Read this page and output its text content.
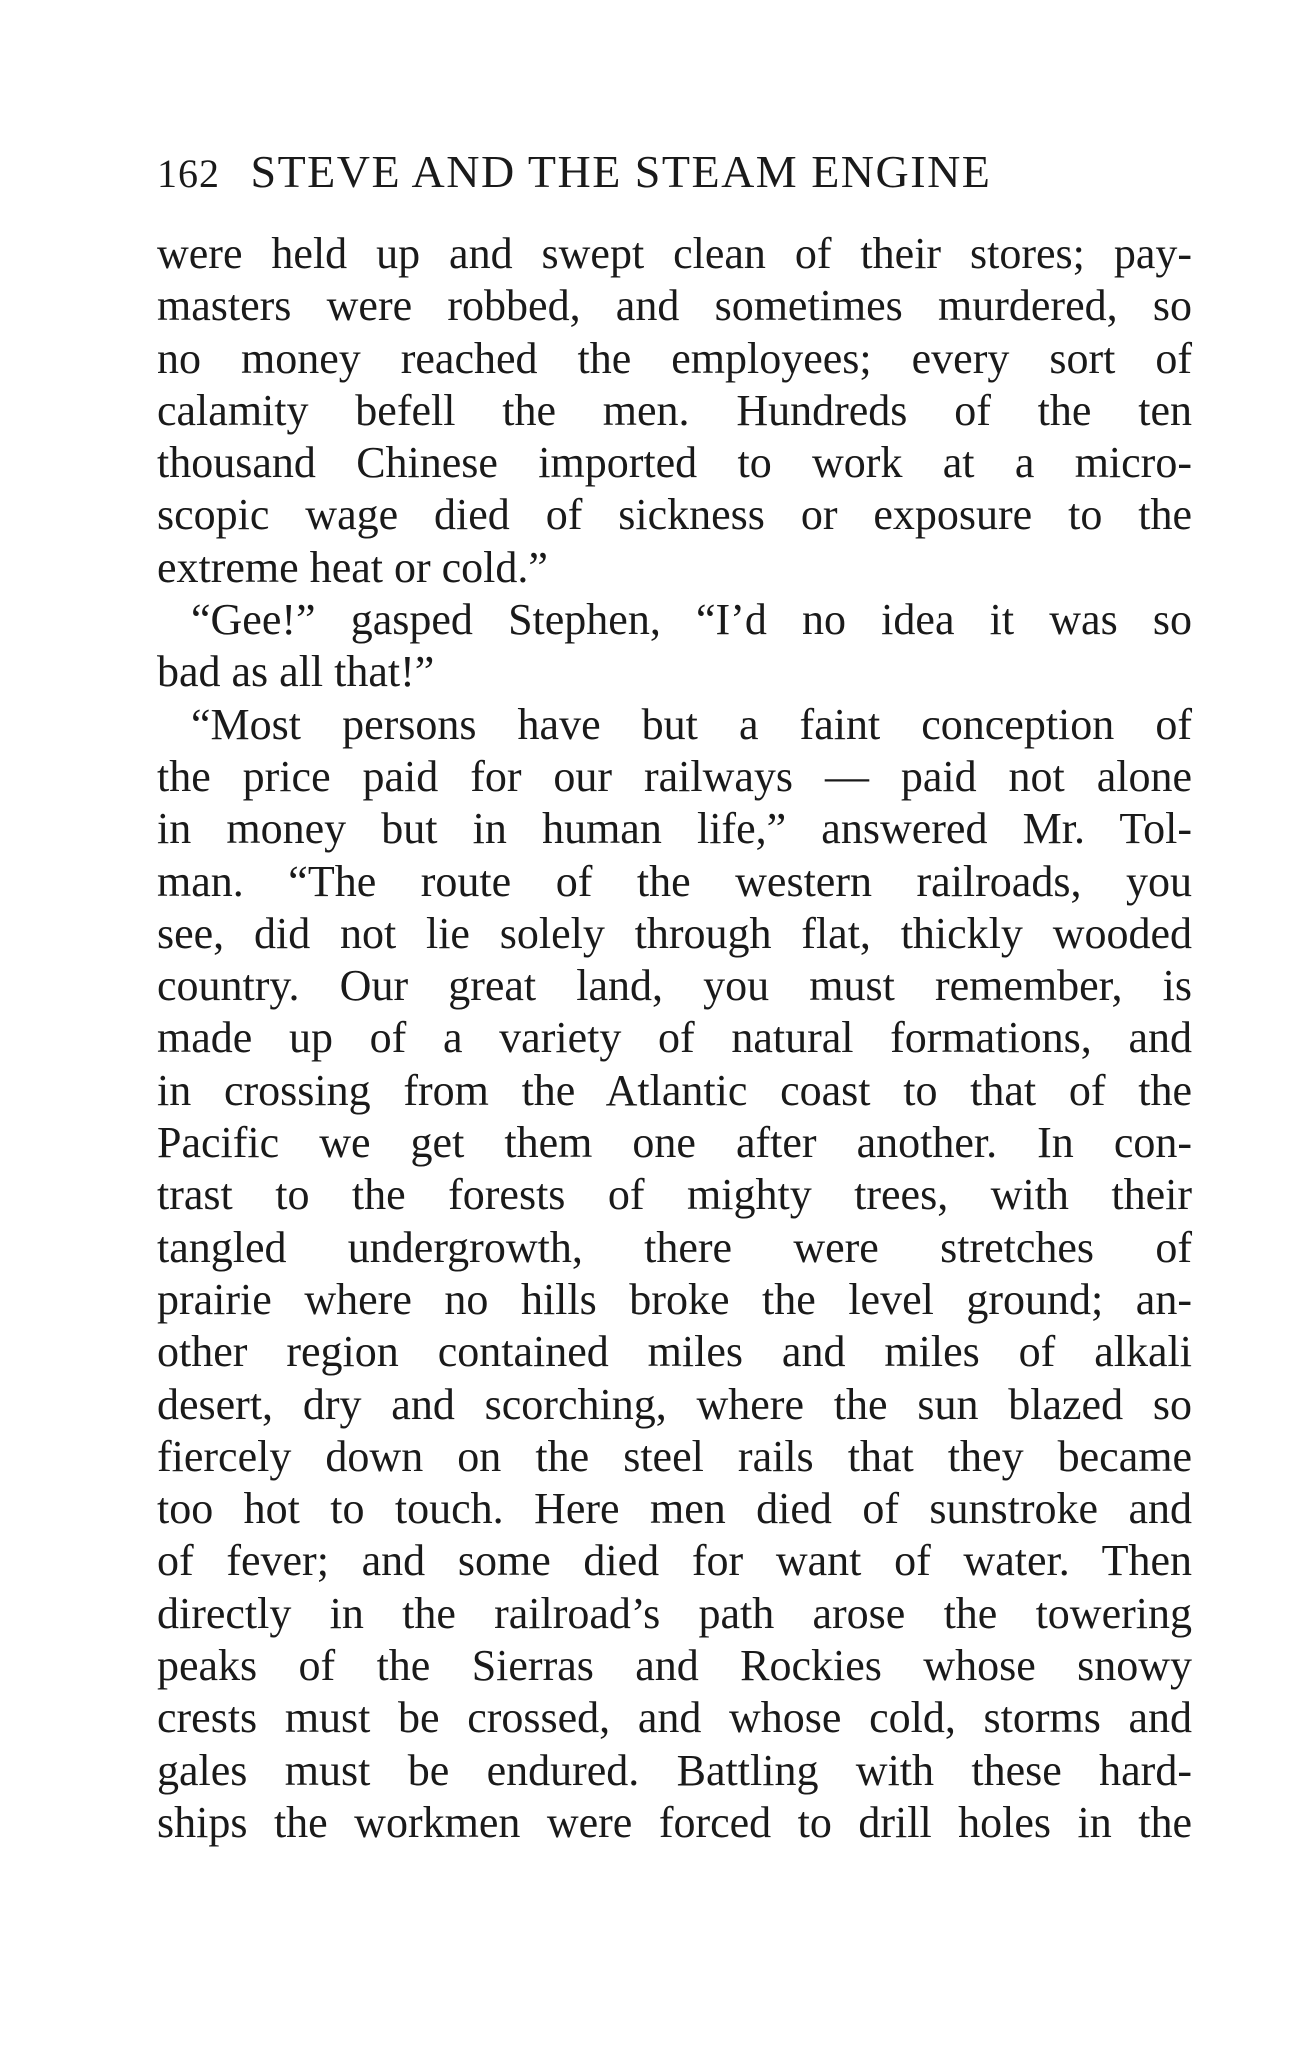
162 STEVE AND THE STEAM ENGINE
were held up and swept clean of their stores; pay-
masters were robbed, and sometimes murdered, so
no money reached the employees; every sort of
calamity befell the men. Hundreds of the ten
thousand Chinese imported to work at a micro-
scopic wage died of sickness or exposure to the
extreme heat or cold.”
“Gee!” gasped Stephen, “I’d no idea it was so
bad as all that!”
“Most persons have but a faint conception of
the price paid for our railways — paid not alone
in money but in human life,” answered Mr. Tol-
man. “The route of the western railroads, you
see, did not lie solely through flat, thickly wooded
country. Our great land, you must remember, is
made up of a variety of natural formations, and
in crossing from the Atlantic coast to that of the
Pacific we get them one after another. In con-
trast to the forests of mighty trees, with their
tangled undergrowth, there were stretches of
prairie where no hills broke the level ground; an-
other region contained miles and miles of alkali
desert, dry and scorching, where the sun blazed so
fiercely down on the steel rails that they became
too hot to touch. Here men died of sunstroke and
of fever; and some died for want of water. Then
directly in the railroad’s path arose the towering
peaks of the Sierras and Rockies whose snowy
crests must be crossed, and whose cold, storms and
gales must be endured. Battling with these hard-
ships the workmen were forced to drill holes in the
